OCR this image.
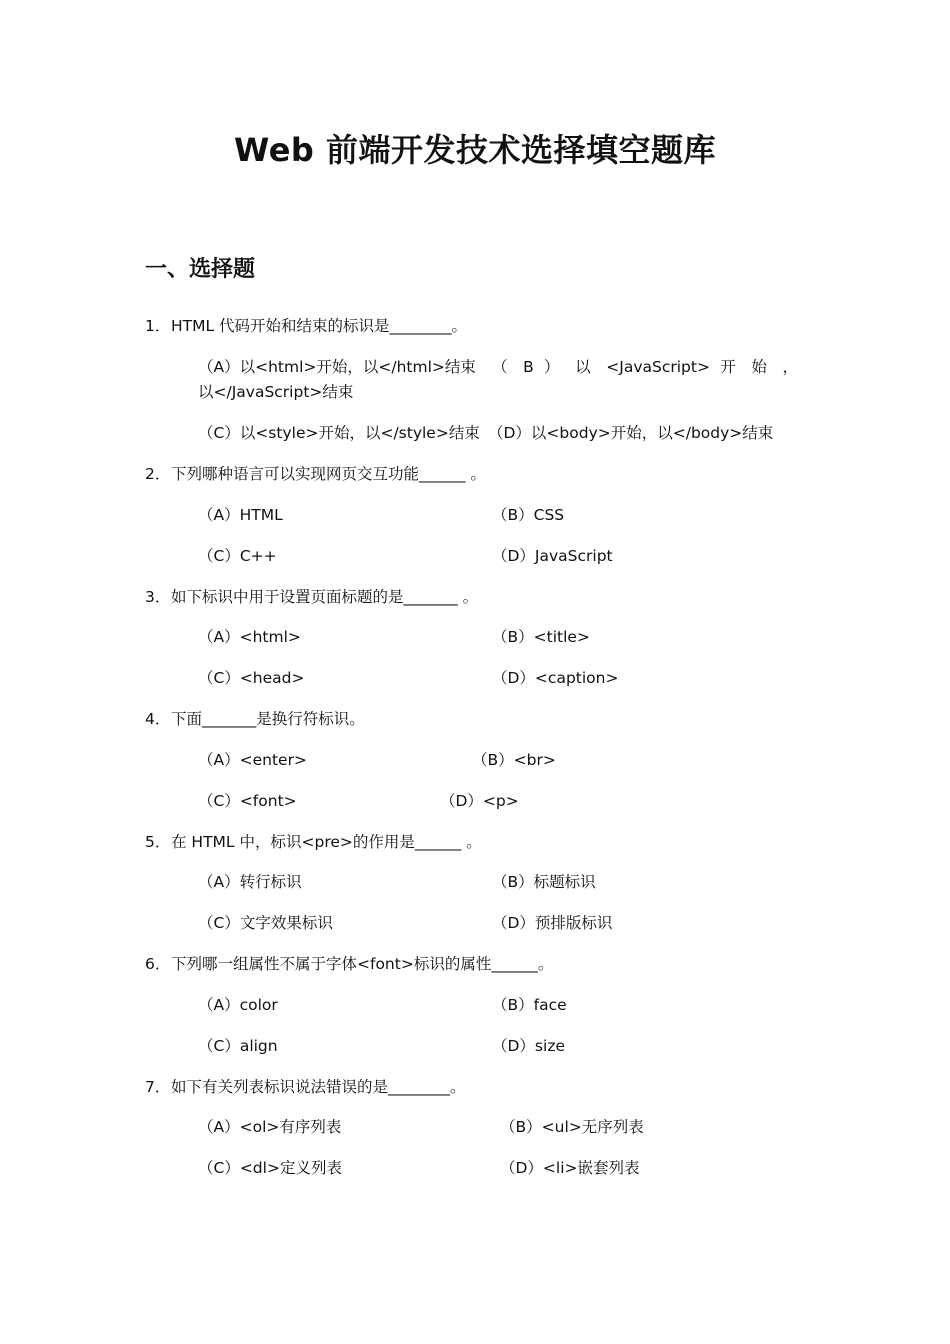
Web 前端开发技术选择填空题库
一、选择题
1．HTML 代码开始和结束的标识是________。
（A）以<html>开始，以</html>结束 （ B ） 以 <JavaScript> 开 始 ，
以</JavaScript>结束
（C）以<style>开始，以</style>结束 （D）以<body>开始，以</body>结束
2．下列哪种语言可以实现网页交互功能______ 。
（A）HTML	（B）CSS
（C）C++	（D）JavaScript
3．如下标识中用于设置页面标题的是_______ 。
（A）<html>	（B）<title>
（C）<head>	（D）<caption>
4．下面_______是换行符标识。
（A）<enter>	（B）<br>
（C）<font>	（D）<p>
5．在 HTML 中，标识<pre>的作用是______ 。
（A）转行标识	（B）标题标识
（C）文字效果标识	（D）预排版标识
6．下列哪一组属性不属于字体<font>标识的属性______。
（A）color	（B）face
（C）align	（D）size
7．如下有关列表标识说法错误的是________。
（A）<ol>有序列表	（B）<ul>无序列表
（C）<dl>定义列表	（D）<li>嵌套列表
